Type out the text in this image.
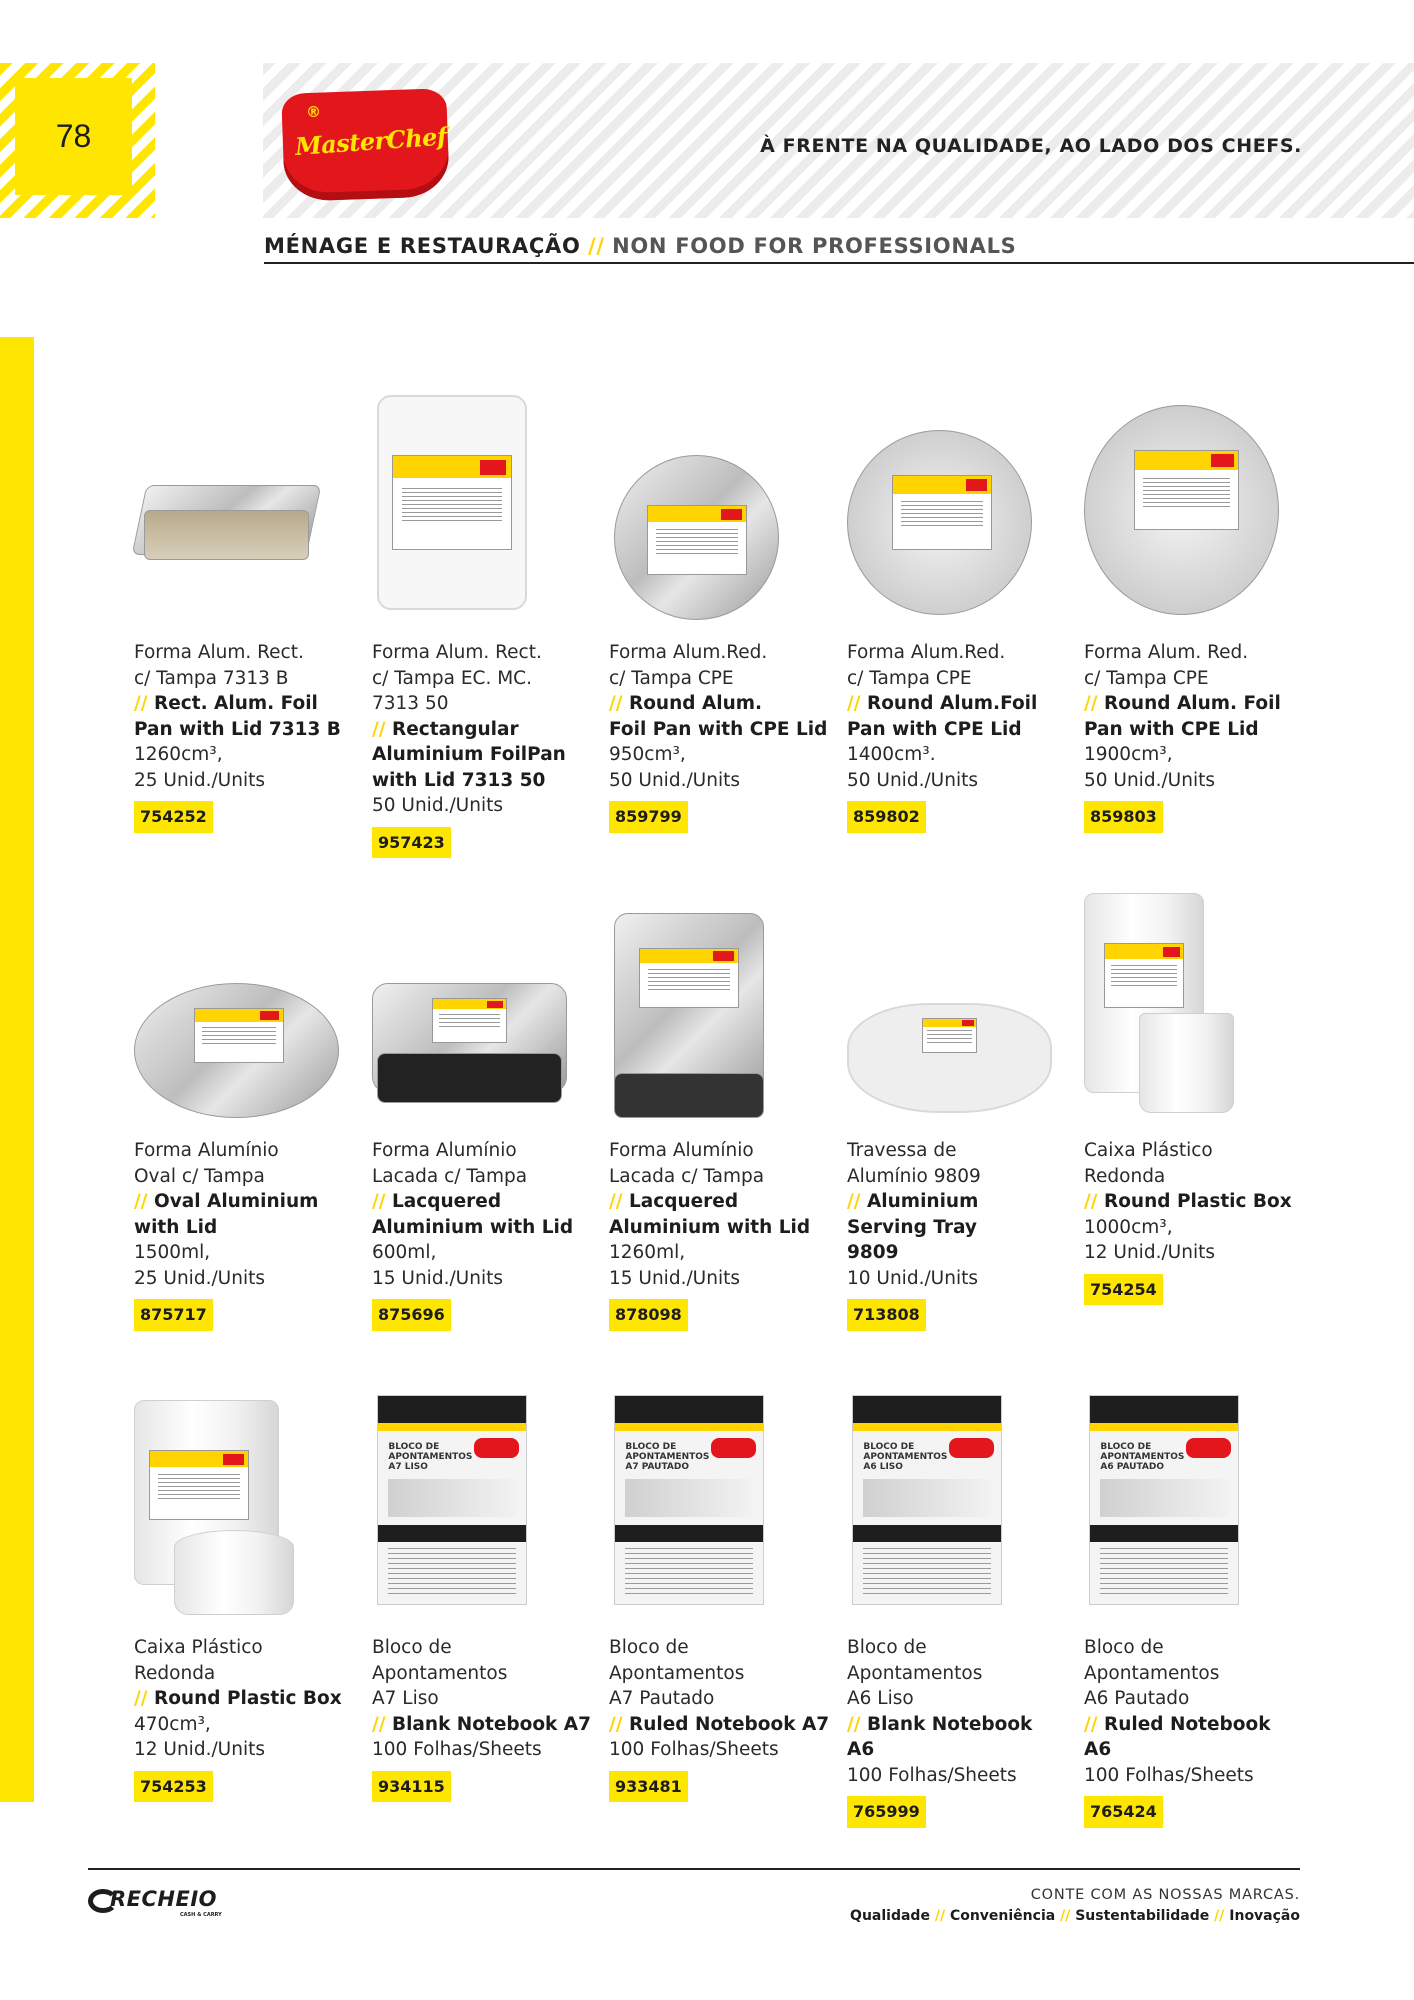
78
®
MasterChef	À FRENTE NA QUALIDADE, AO LADO DOS CHEFS.
MÉNAGE E RESTAURAÇÃO // NON FOOD FOR PROFESSIONALS
Forma Alum. Rect.
c/ Tampa 7313 B
// Rect. Alum. Foil
Pan with Lid 7313 B
1260cm³,
25 Unid./Units
754252
Forma Alum. Rect.
c/ Tampa EC. MC.
7313 50
// Rectangular
Aluminium FoilPan
with Lid 7313 50
50 Unid./Units
957423
Forma Alum.Red.
c/ Tampa CPE
// Round Alum.
Foil Pan with CPE Lid
950cm³,
50 Unid./Units
859799
Forma Alum.Red.
c/ Tampa CPE
// Round Alum.Foil
Pan with CPE Lid
1400cm³.
50 Unid./Units
859802
Forma Alum. Red.
c/ Tampa CPE
// Round Alum. Foil
Pan with CPE Lid
1900cm³,
50 Unid./Units
859803
Forma Alumínio
Oval c/ Tampa
// Oval Aluminium
with Lid
1500ml,
25 Unid./Units
875717
Forma Alumínio
Lacada c/ Tampa
// Lacquered
Aluminium with Lid
600ml,
15 Unid./Units
875696
Forma Alumínio
Lacada c/ Tampa
// Lacquered
Aluminium with Lid
1260ml,
15 Unid./Units
878098
Travessa de
Alumínio 9809
// Aluminium
Serving Tray
9809
10 Unid./Units
713808
Caixa Plástico
Redonda
// Round Plastic Box
1000cm³,
12 Unid./Units
754254
Caixa Plástico
Redonda
// Round Plastic Box
470cm³,
12 Unid./Units
754253
BLOCO DE
APONTAMENTOS
A7 LISO
Bloco de
Apontamentos
A7 Liso
// Blank Notebook A7
100 Folhas/Sheets
934115
BLOCO DE
APONTAMENTOS
A7 PAUTADO
Bloco de
Apontamentos
A7 Pautado
// Ruled Notebook A7
100 Folhas/Sheets
933481
BLOCO DE
APONTAMENTOS
A6 LISO
Bloco de
Apontamentos
A6 Liso
// Blank Notebook
A6
100 Folhas/Sheets
765999
BLOCO DE
APONTAMENTOS
A6 PAUTADO
Bloco de
Apontamentos
A6 Pautado
// Ruled Notebook
A6
100 Folhas/Sheets
765424
RECHEIO
CASH & CARRY
CONTE COM AS NOSSAS MARCAS.
Qualidade // Conveniência // Sustentabilidade // Inovação
